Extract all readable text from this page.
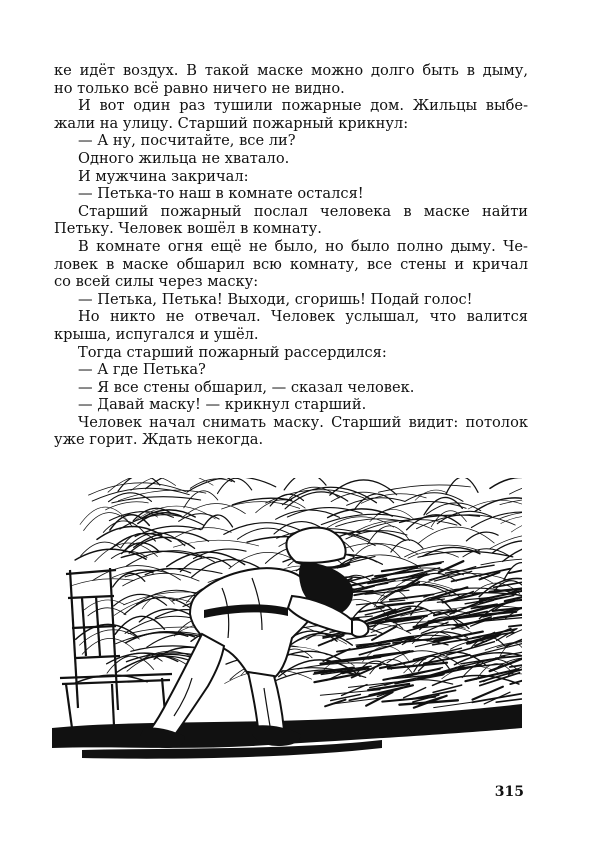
ке идёт воздух. В такой маске можно долго быть в дыму,
но только всё равно ничего не видно.
И вот один раз тушили пожарные дом. Жильцы выбе-
жали на улицу. Старший пожарный крикнул:
— А ну, посчитайте, все ли?
Одного жильца не хватало.
И мужчина закричал:
— Петька-то наш в комнате остался!
Старший пожарный послал человека в маске найти
Петьку. Человек вошёл в комнату.
В комнате огня ещё не было, но было полно дыму. Че-
ловек в маске обшарил всю комнату, все стены и кричал
со всей силы через маску:
— Петька, Петька! Выходи, сгоришь! Подай голос!
Но никто не отвечал. Человек услышал, что валится
крыша, испугался и ушёл.
Тогда старший пожарный рассердился:
— А где Петька?
— Я все стены обшарил, — сказал человек.
— Давай маску! — крикнул старший.
Человек начал снимать маску. Старший видит: потолок
уже горит. Ждать некогда.
315
